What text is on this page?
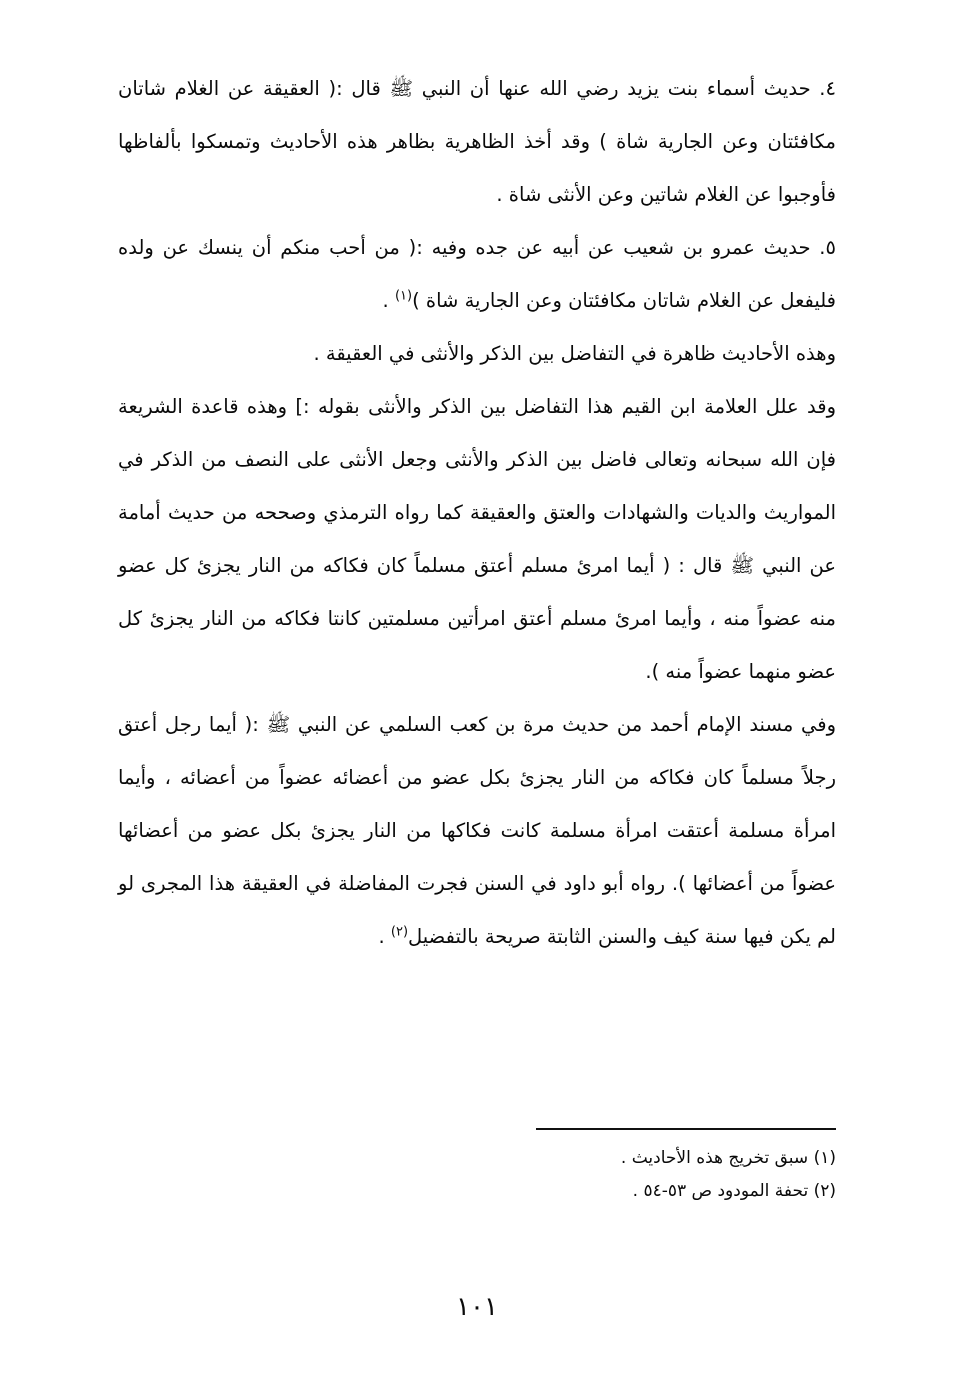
٤. حديث أسماء بنت يزيد رضي الله عنها أن النبي ﷺ قال :( العقيقة عن الغلام شاتان مكافئتان وعن الجارية شاة ) وقد أخذ الظاهرية بظاهر هذه الأحاديث وتمسكوا بألفاظها فأوجبوا عن الغلام شاتين وعن الأنثى شاة .

٥. حديث عمرو بن شعيب عن أبيه عن جده وفيه :( من أحب منكم أن ينسك عن ولده فليفعل عن الغلام شاتان مكافئتان وعن الجارية شاة )$^{(١)}$ .

وهذه الأحاديث ظاهرة في التفاضل بين الذكر والأنثى في العقيقة .

وقد علل العلامة ابن القيم هذا التفاضل بين الذكر والأنثى بقوله :] وهذه قاعدة الشريعة فإن الله سبحانه وتعالى فاضل بين الذكر والأنثى وجعل الأنثى على النصف من الذكر في المواريث والديات والشهادات والعتق والعقيقة كما رواه الترمذي وصححه من حديث أمامة عن النبي ﷺ قال : ( أيما امرئ مسلم أعتق مسلماً كان فكاكه من النار يجزئ كل عضو منه عضواً منه ، وأيما امرئ مسلم أعتق امرأتين مسلمتين كانتا فكاكه من النار يجزئ كل عضو منهما عضواً منه ).

وفي مسند الإمام أحمد من حديث مرة بن كعب السلمي عن النبي ﷺ :( أيما رجل أعتق رجلاً مسلماً كان فكاكه من النار يجزئ بكل عضو من أعضائه عضواً من أعضائه ، وأيما امرأة مسلمة أعتقت امرأة مسلمة كانت فكاكها من النار يجزئ بكل عضو من أعضائها عضواً من أعضائها ). رواه أبو داود في السنن فجرت المفاضلة في العقيقة هذا المجرى لو لم يكن فيها سنة كيف والسنن الثابتة صريحة بالتفضيل$^{(٢)}$ .

(١) سبق تخريج هذه الأحاديث .
(٢) تحفة المودود ص ٥٣-٥٤ .
١٠١
